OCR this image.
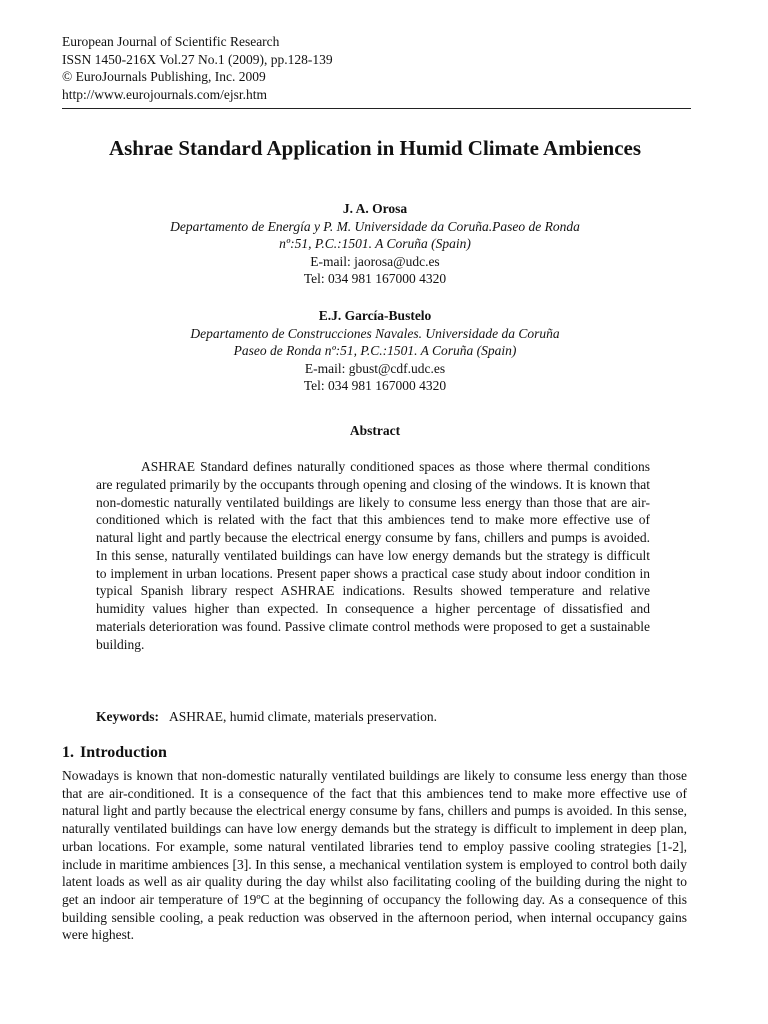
European Journal of Scientific Research
ISSN 1450-216X Vol.27 No.1 (2009), pp.128-139
© EuroJournals Publishing, Inc. 2009
http://www.eurojournals.com/ejsr.htm
Ashrae Standard Application in Humid Climate Ambiences
J. A. Orosa
Departamento de Energía y P. M. Universidade da Coruña.Paseo de Ronda
nº:51, P.C.:1501. A Coruña (Spain)
E-mail: jaorosa@udc.es
Tel: 034 981 167000 4320
E.J. García-Bustelo
Departamento de Construcciones Navales. Universidade da Coruña
Paseo de Ronda nº:51, P.C.:1501. A Coruña (Spain)
E-mail: gbust@cdf.udc.es
Tel: 034 981 167000 4320
Abstract

ASHRAE Standard defines naturally conditioned spaces as those where thermal conditions are regulated primarily by the occupants through opening and closing of the windows. It is known that non-domestic naturally ventilated buildings are likely to consume less energy than those that are air-conditioned which is related with the fact that this ambiences tend to make more effective use of natural light and partly because the electrical energy consume by fans, chillers and pumps is avoided. In this sense, naturally ventilated buildings can have low energy demands but the strategy is difficult to implement in urban locations. Present paper shows a practical case study about indoor condition in typical Spanish library respect ASHRAE indications. Results showed temperature and relative humidity values higher than expected. In consequence a higher percentage of dissatisfied and materials deterioration was found. Passive climate control methods were proposed to get a sustainable building.

Keywords: ASHRAE, humid climate, materials preservation.
1. Introduction

Nowadays is known that non-domestic naturally ventilated buildings are likely to consume less energy than those that are air-conditioned. It is a consequence of the fact that this ambiences tend to make more effective use of natural light and partly because the electrical energy consume by fans, chillers and pumps is avoided. In this sense, naturally ventilated buildings can have low energy demands but the strategy is difficult to implement in deep plan, urban locations. For example, some natural ventilated libraries tend to employ passive cooling strategies [1-2], include in maritime ambiences [3]. In this sense, a mechanical ventilation system is employed to control both daily latent loads as well as air quality during the day whilst also facilitating cooling of the building during the night to get an indoor air temperature of 19ºC at the beginning of occupancy the following day. As a consequence of this building sensible cooling, a peak reduction was observed in the afternoon period, when internal occupancy gains were highest.
